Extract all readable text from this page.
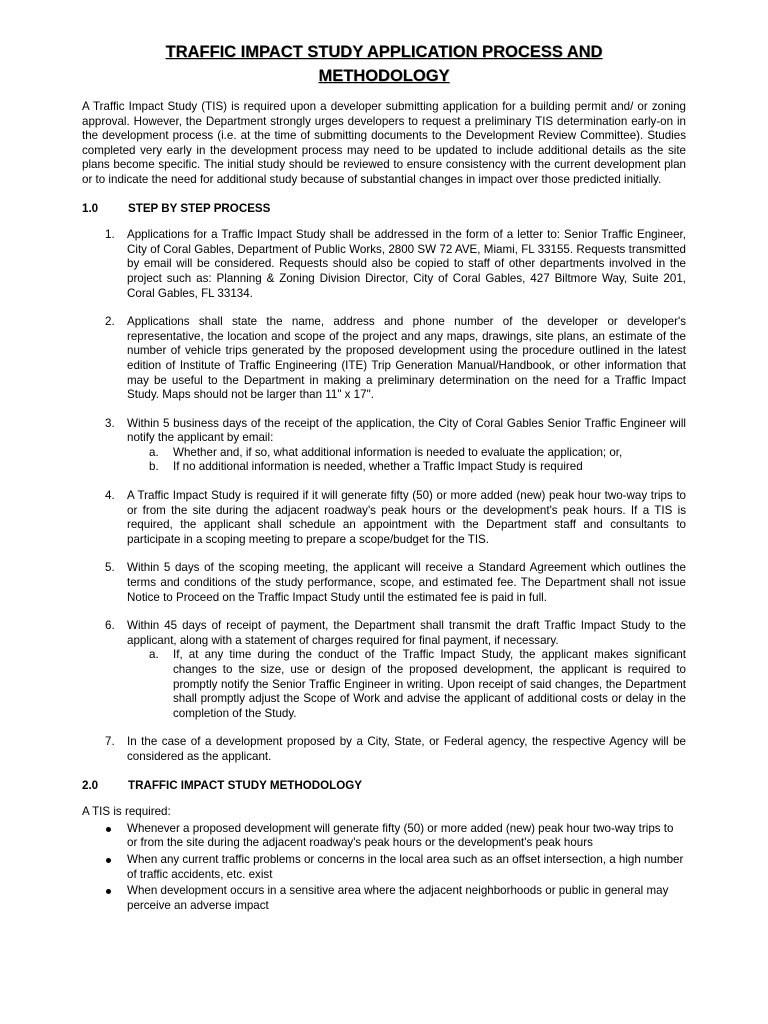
TRAFFIC IMPACT STUDY APPLICATION PROCESS AND
METHODOLOGY

A Traffic Impact Study (TIS) is required upon a developer submitting application for a building permit and/ or zoning approval. However, the Department strongly urges developers to request a preliminary TIS determination early-on in the development process (i.e. at the time of submitting documents to the Development Review Committee). Studies completed very early in the development process may need to be updated to include additional details as the site plans become specific. The initial study should be reviewed to ensure consistency with the current development plan or to indicate the need for additional study because of substantial changes in impact over those predicted initially.

1.0	STEP BY STEP PROCESS
1.	Applications for a Traffic Impact Study shall be addressed in the form of a letter to: Senior Traffic Engineer, City of Coral Gables, Department of Public Works, 2800 SW 72 AVE, Miami, FL 33155. Requests transmitted by email will be considered. Requests should also be copied to staff of other departments involved in the project such as: Planning & Zoning Division Director, City of Coral Gables, 427 Biltmore Way, Suite 201, Coral Gables, FL 33134.
2.	Applications shall state the name, address and phone number of the developer or developer's representative, the location and scope of the project and any maps, drawings, site plans, an estimate of the number of vehicle trips generated by the proposed development using the procedure outlined in the latest edition of Institute of Traffic Engineering (ITE) Trip Generation Manual/Handbook, or other information that may be useful to the Department in making a preliminary determination on the need for a Traffic Impact Study. Maps should not be larger than 11" x 17".
3.	Within 5 business days of the receipt of the application, the City of Coral Gables Senior Traffic Engineer will notify the applicant by email:
a.	Whether and, if so, what additional information is needed to evaluate the application; or,
b.	If no additional information is needed, whether a Traffic Impact Study is required
4.	A Traffic Impact Study is required if it will generate fifty (50) or more added (new) peak hour two-way trips to or from the site during the adjacent roadway's peak hours or the development's peak hours. If a TIS is required, the applicant shall schedule an appointment with the Department staff and consultants to participate in a scoping meeting to prepare a scope/budget for the TIS.
5.	Within 5 days of the scoping meeting, the applicant will receive a Standard Agreement which outlines the terms and conditions of the study performance, scope, and estimated fee. The Department shall not issue Notice to Proceed on the Traffic Impact Study until the estimated fee is paid in full.
6.	Within 45 days of receipt of payment, the Department shall transmit the draft Traffic Impact Study to the applicant, along with a statement of charges required for final payment, if necessary.
a.	If, at any time during the conduct of the Traffic Impact Study, the applicant makes significant changes to the size, use or design of the proposed development, the applicant is required to promptly notify the Senior Traffic Engineer in writing. Upon receipt of said changes, the Department shall promptly adjust the Scope of Work and advise the applicant of additional costs or delay in the completion of the Study.
7.	In the case of a development proposed by a City, State, or Federal agency, the respective Agency will be considered as the applicant.
2.0	TRAFFIC IMPACT STUDY METHODOLOGY

A TIS is required:

Whenever a proposed development will generate fifty (50) or more added (new) peak hour two-way trips to or from the site during the adjacent roadway's peak hours or the development's peak hours
When any current traffic problems or concerns in the local area such as an offset intersection, a high number of traffic accidents, etc. exist
When development occurs in a sensitive area where the adjacent neighborhoods or public in general may perceive an adverse impact
